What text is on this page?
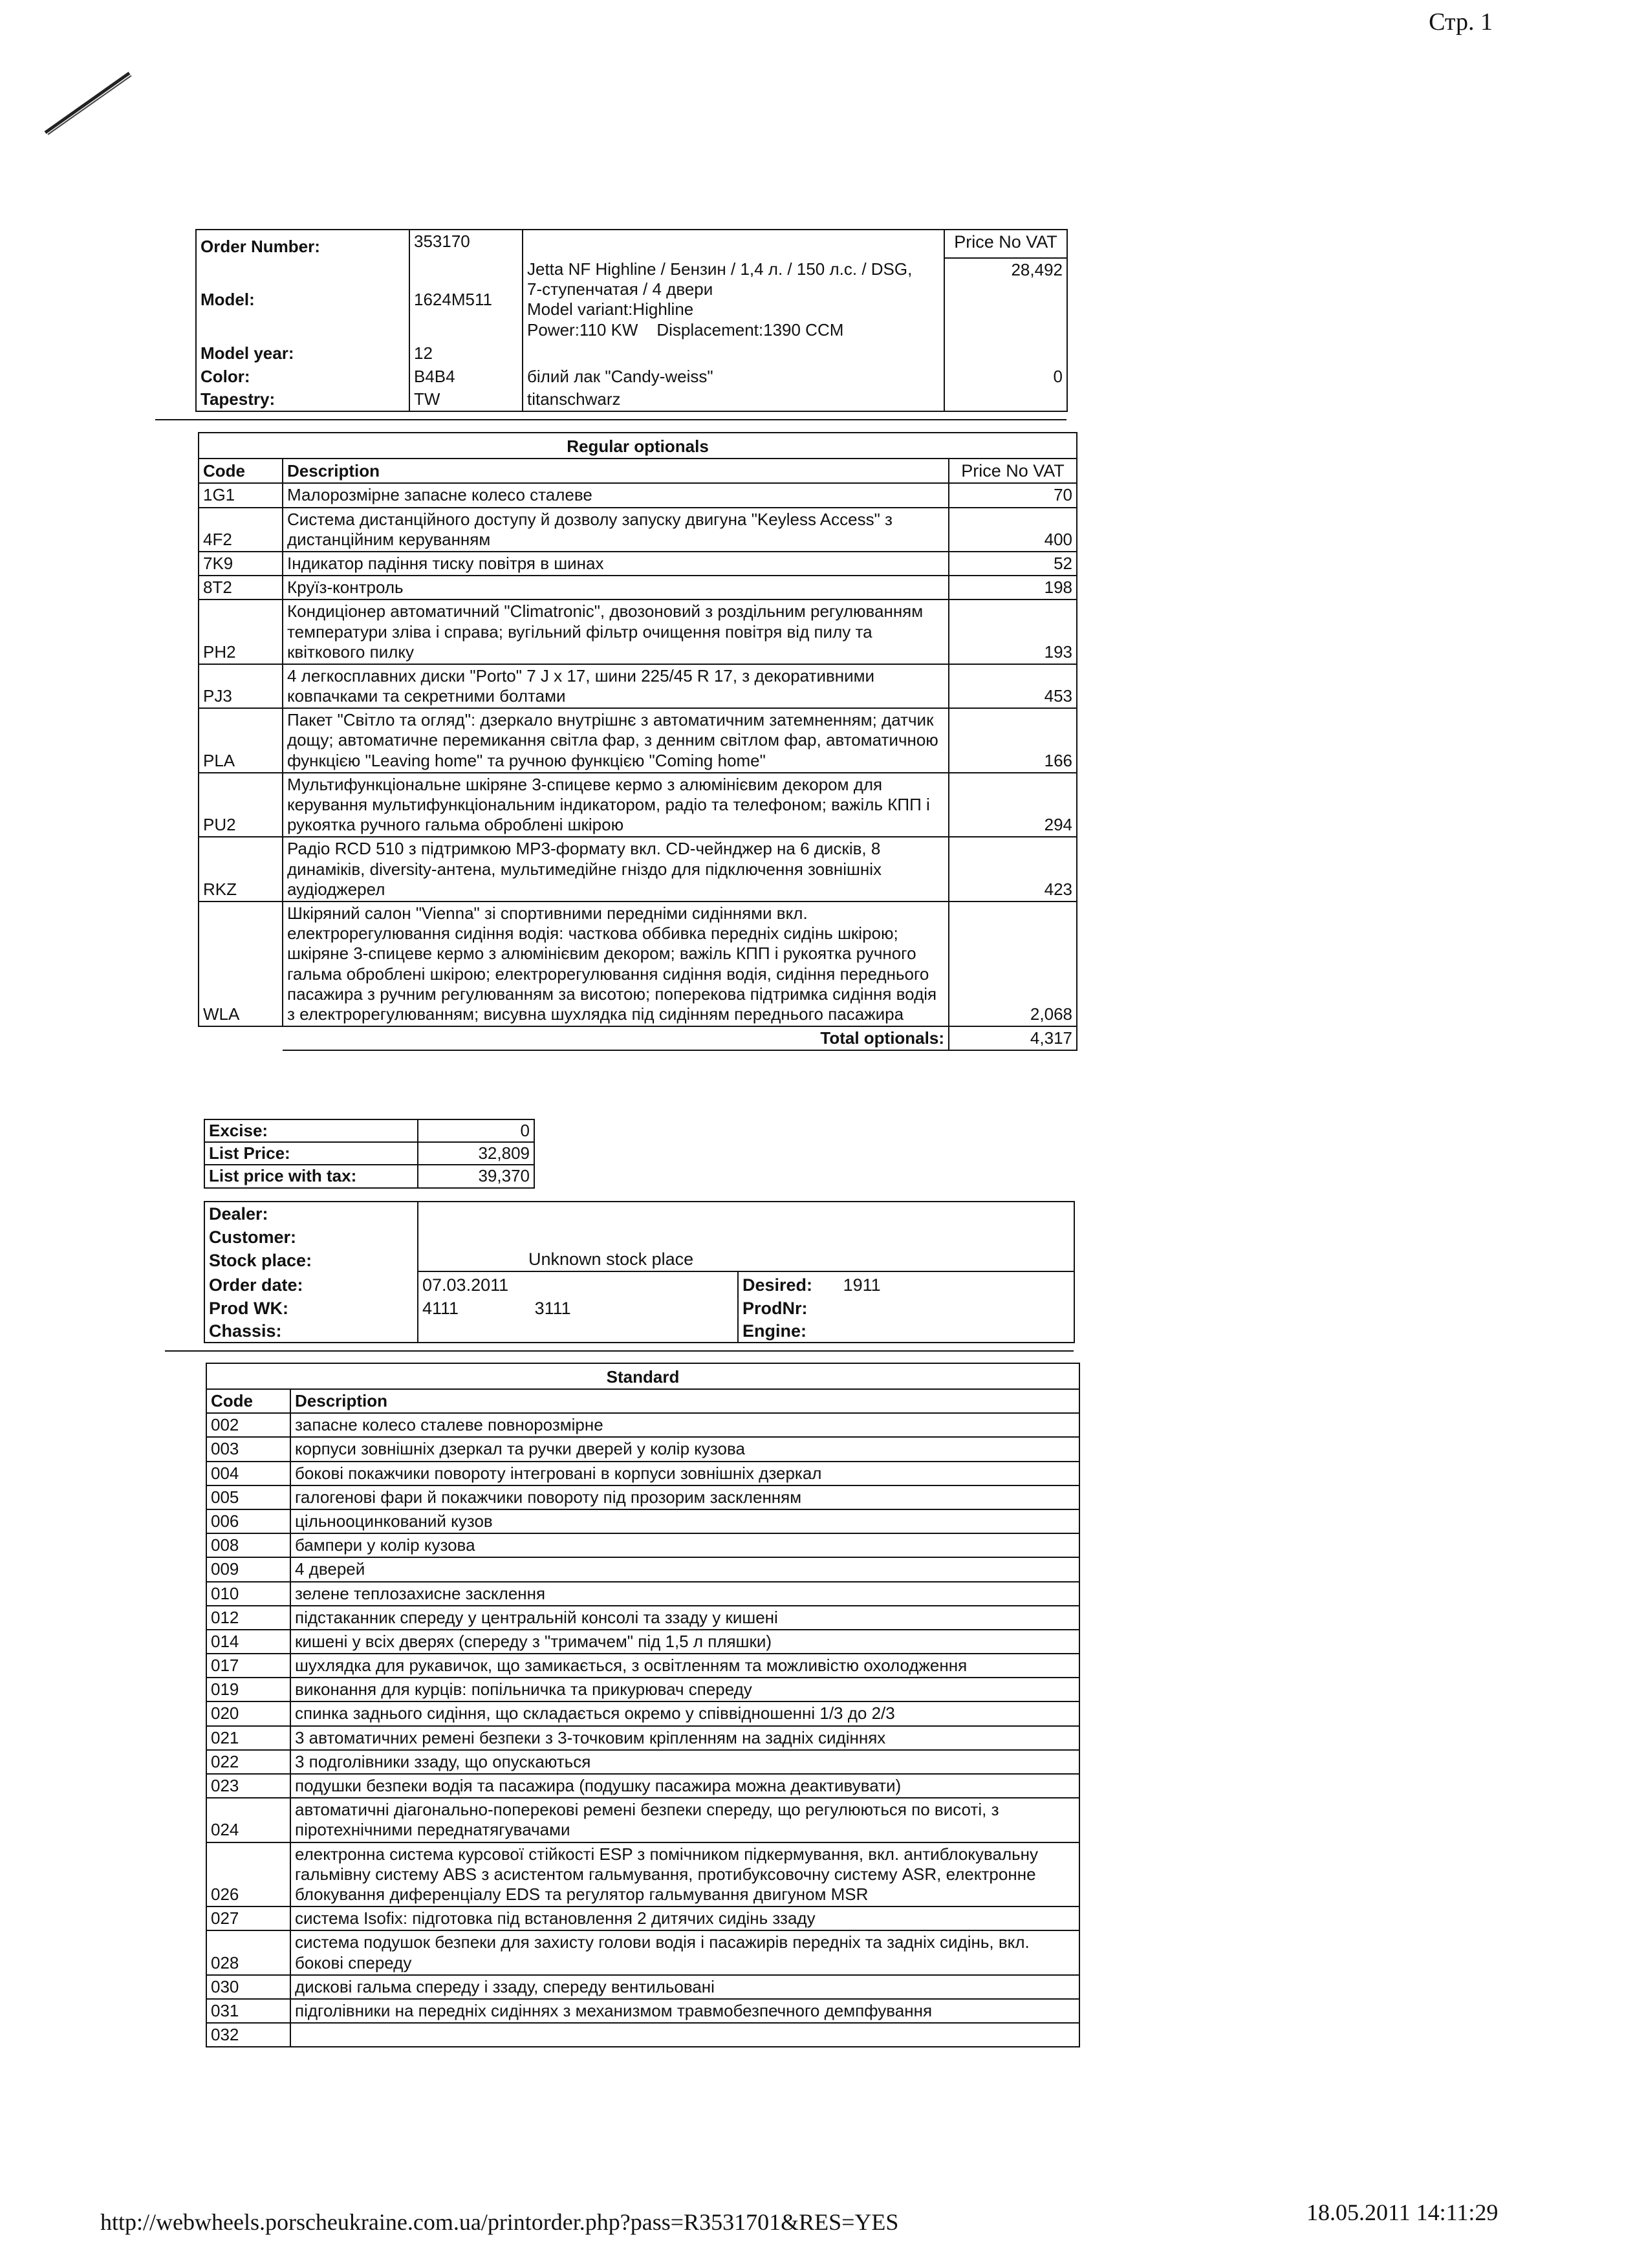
Стр. 1
Order Number:	353170		Price No VAT
Model:	1624M511	Jetta NF Highline / Бензин / 1,4 л. / 150 л.с. / DSG,
7-ступенчатая / 4 двери
Model variant:Highline
Power:110 KW    Displacement:1390 CCM	28,492
Model year:	12		
Color:	B4B4	білий лак "Candy-weiss"	0
Tapestry:	TW	titanschwarz	
Regular optionals		
Code	Description	Price No VAT
1G1	Малорозмірне запасне колесо сталеве	70
4F2	Система дистанційного доступу й дозволу запуску двигуна "Keyless Access" з дистанційним керуванням	400
7K9	Індикатор падіння тиску повітря в шинах	52
8T2	Круїз-контроль	198
PH2	Кондиціонер автоматичний "Climatronic", двозоновий з роздільним регулюванням температури зліва і справа; вугільний фільтр очищення повітря від пилу та квіткового пилку	193
PJ3	4 легкосплавних диски "Porto" 7 J x 17, шини 225/45 R 17, з декоративними ковпачками та секретними болтами	453
PLA	Пакет "Світло та огляд": дзеркало внутрішнє з автоматичним затемненням; датчик дощу; автоматичне перемикання світла фар, з денним світлом фар, автоматичною функцією "Leaving home" та ручною функцією "Coming home"	166
PU2	Мультифункціональне шкіряне 3-спицеве кермо з алюмінієвим декором для керування мультифункціональним індикатором, радіо та телефоном; важіль КПП і рукоятка ручного гальма оброблені шкірою	294
RKZ	Радіо RCD 510 з підтримкою MP3-формату вкл. CD-чейнджер на 6 дисків, 8 динаміків, diversity-антена, мультимедійне гніздо для підключення зовнішніх аудіоджерел	423
WLA	Шкіряний салон "Vienna" зі спортивними передніми сидіннями вкл. електрорегулювання сидіння водія: часткова оббивка передніх сидінь шкірою; шкіряне 3-спицеве кермо з алюмінієвим декором; важіль КПП і рукоятка ручного гальма оброблені шкірою; електрорегулювання сидіння водія, сидіння переднього пасажира з ручним регулюванням за висотою; поперекова підтримка сидіння водія з електрорегулюванням; висувна шухлядка під сидінням переднього пасажира	2,068
	Total optionals:	4,317
Excise:	0
List Price:	32,809
List price with tax:	39,370
Dealer:		
Customer:		
Stock place:	Unknown stock place	
Order date:	07.03.2011	Desired: 1911
Prod WK:	4111 3111	ProdNr:
Chassis:		Engine:
Standard	
Code	Description
002	запасне колесо сталеве повнорозмірне
003	корпуси зовнішніх дзеркал та ручки дверей у колір кузова
004	бокові покажчики повороту інтегровані в корпуси зовнішніх дзеркал
005	галогенові фари й покажчики повороту під прозорим заскленням
006	цільнооцинкований кузов
008	бампери у колір кузова
009	4 дверей
010	зелене теплозахисне засклення
012	підстаканник спереду у центральній консолі та ззаду у кишені
014	кишені у всіх дверях (спереду з "тримачем" під 1,5 л пляшки)
017	шухлядка для рукавичок, що замикається, з освітленням та можливістю охолодження
019	виконання для курців: попільничка та прикурювач спереду
020	спинка заднього сидіння, що складається окремо у співвідношенні 1/3 до 2/3
021	3 автоматичних ремені безпеки з 3-точковим кріпленням на задніх сидіннях
022	3 подголівники ззаду, що опускаються
023	подушки безпеки водія та пасажира (подушку пасажира можна деактивувати)
024	автоматичні діагонально-поперекові ремені безпеки спереду, що регулюються по висоті, з піротехнічними переднатягувачами
026	електронна система курсової стійкості ESP з помічником підкермування, вкл. антиблокувальну гальмівну систему ABS з асистентом гальмування, протибуксовочну систему ASR, електронне блокування диференціалу EDS та регулятор гальмування двигуном MSR
027	система Isofix: підготовка під встановлення 2 дитячих сидінь ззаду
028	система подушок безпеки для захисту голови водія і пасажирів передніх та задніх сидінь, вкл. бокові спереду
030	дискові гальма спереду і ззаду, спереду вентильовані
031	підголівники на передніх сидіннях з механизмом травмобезпечного демпфування
032	
http://webwheels.porscheukraine.com.ua/printorder.php?pass=R3531701&RES=YES	18.05.2011 14:11:29
